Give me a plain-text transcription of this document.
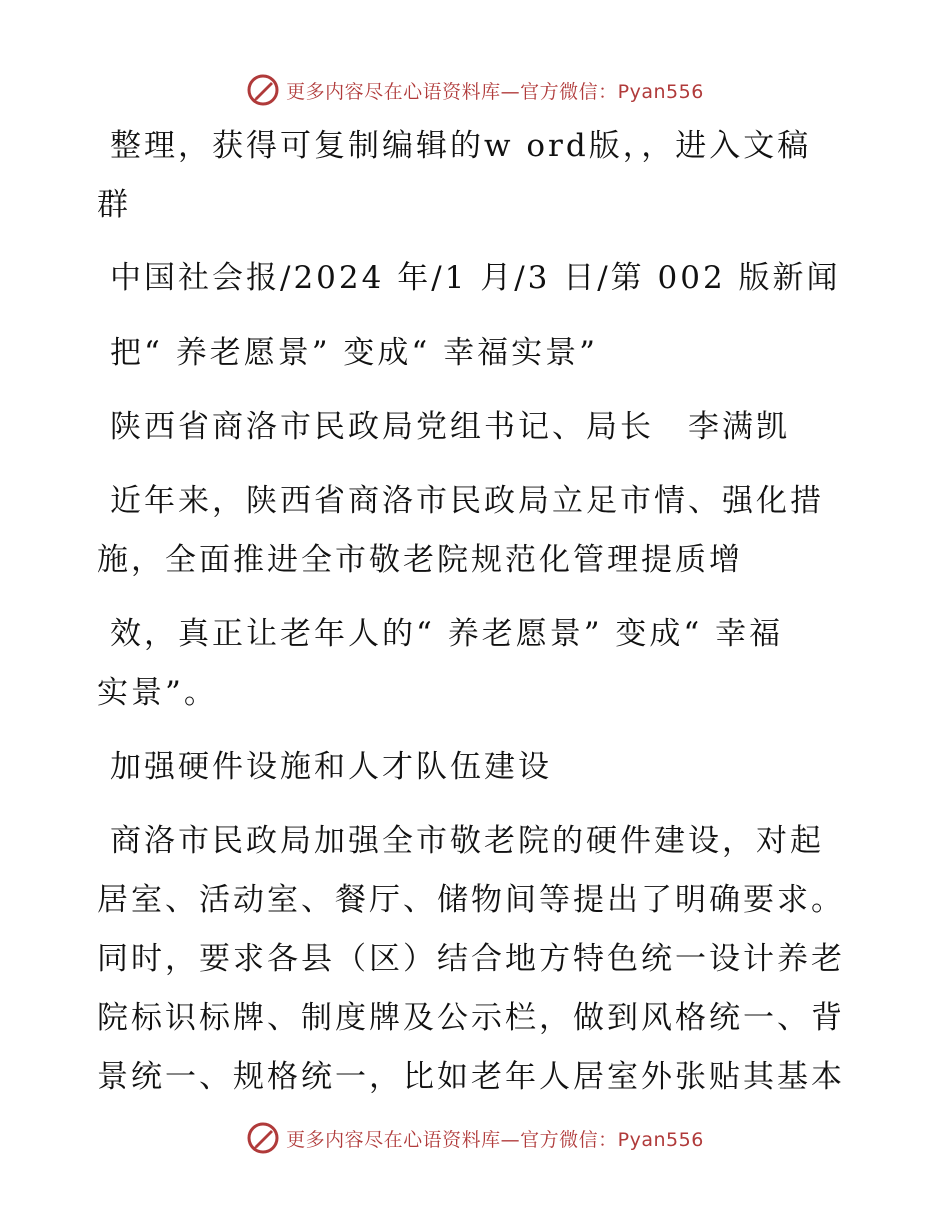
更多内容尽在心语资料库—官方微信：Pyan556
整理，获得可复制编辑的w ord版，，进入文稿
群
中国社会报/2024 年/1 月/3 日/第 002 版新闻
把“ 养老愿景” 变成“ 幸福实景”
陕西省商洛市民政局党组书记、局长　李满凯
近年来，陕西省商洛市民政局立足市情、强化措
施，全面推进全市敬老院规范化管理提质增
效，真正让老年人的“ 养老愿景” 变成“ 幸福
实景”。
加强硬件设施和人才队伍建设
商洛市民政局加强全市敬老院的硬件建设，对起
居室、活动室、餐厅、储物间等提出了明确要求。
同时，要求各县（区）结合地方特色统一设计养老
院标识标牌、制度牌及公示栏，做到风格统一、背
景统一、规格统一，比如老年人居室外张贴其基本
更多内容尽在心语资料库—官方微信：Pyan556
